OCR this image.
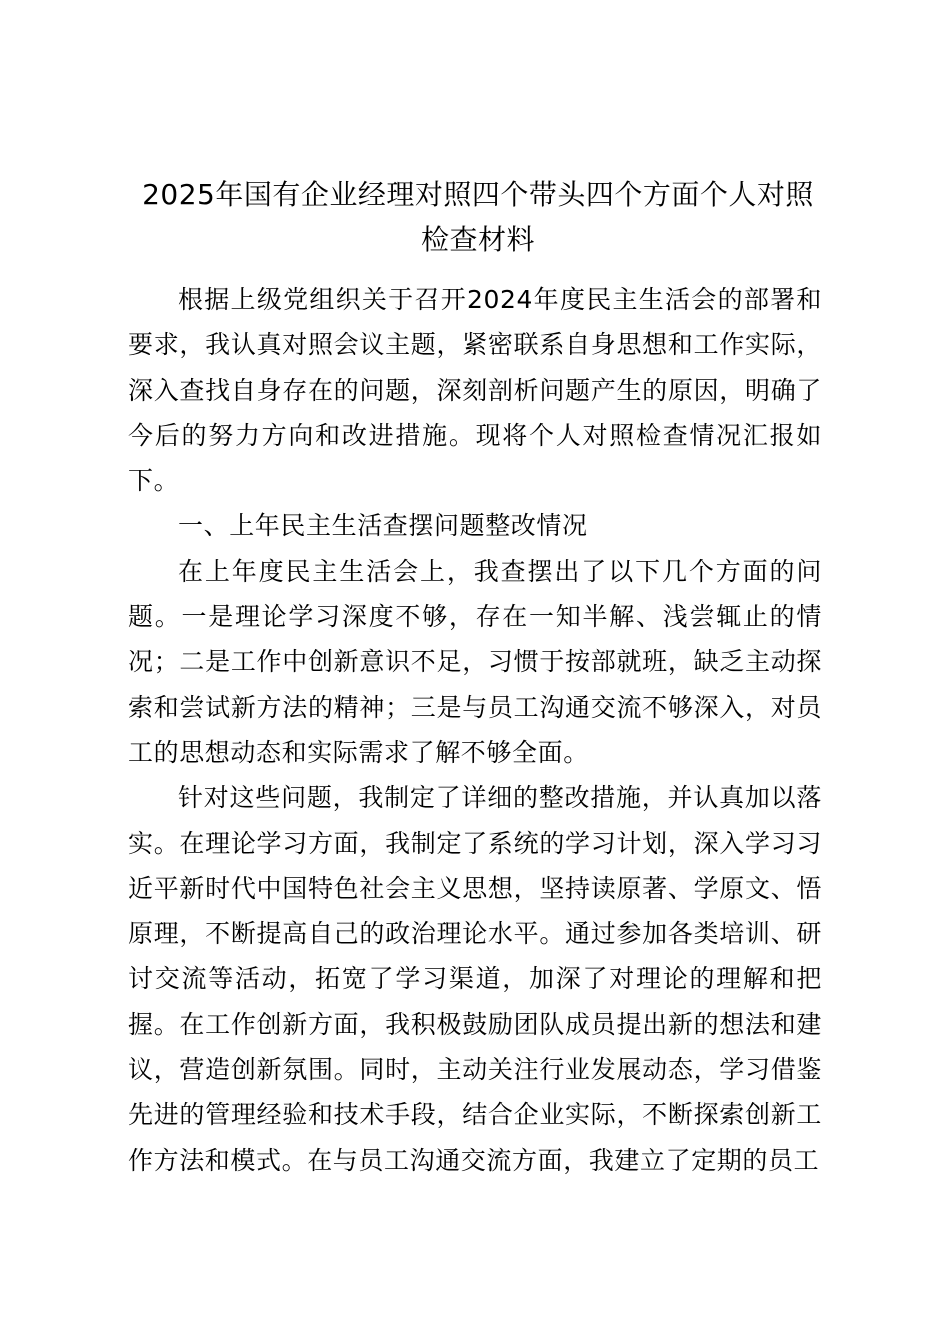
2025年国有企业经理对照四个带头四个方面个人对照检查材料

根据上级党组织关于召开2024年度民主生活会的部署和要求，我认真对照会议主题，紧密联系自身思想和工作实际，深入查找自身存在的问题，深刻剖析问题产生的原因，明确了今后的努力方向和改进措施。现将个人对照检查情况汇报如下。

一、上年民主生活查摆问题整改情况

在上年度民主生活会上，我查摆出了以下几个方面的问题。一是理论学习深度不够，存在一知半解、浅尝辄止的情况；二是工作中创新意识不足，习惯于按部就班，缺乏主动探索和尝试新方法的精神；三是与员工沟通交流不够深入，对员工的思想动态和实际需求了解不够全面。

针对这些问题，我制定了详细的整改措施，并认真加以落实。在理论学习方面，我制定了系统的学习计划，深入学习习近平新时代中国特色社会主义思想，坚持读原著、学原文、悟原理，不断提高自己的政治理论水平。通过参加各类培训、研讨交流等活动，拓宽了学习渠道，加深了对理论的理解和把握。在工作创新方面，我积极鼓励团队成员提出新的想法和建议，营造创新氛围。同时，主动关注行业发展动态，学习借鉴先进的管理经验和技术手段，结合企业实际，不断探索创新工作方法和模式。在与员工沟通交流方面，我建立了定期的员工
